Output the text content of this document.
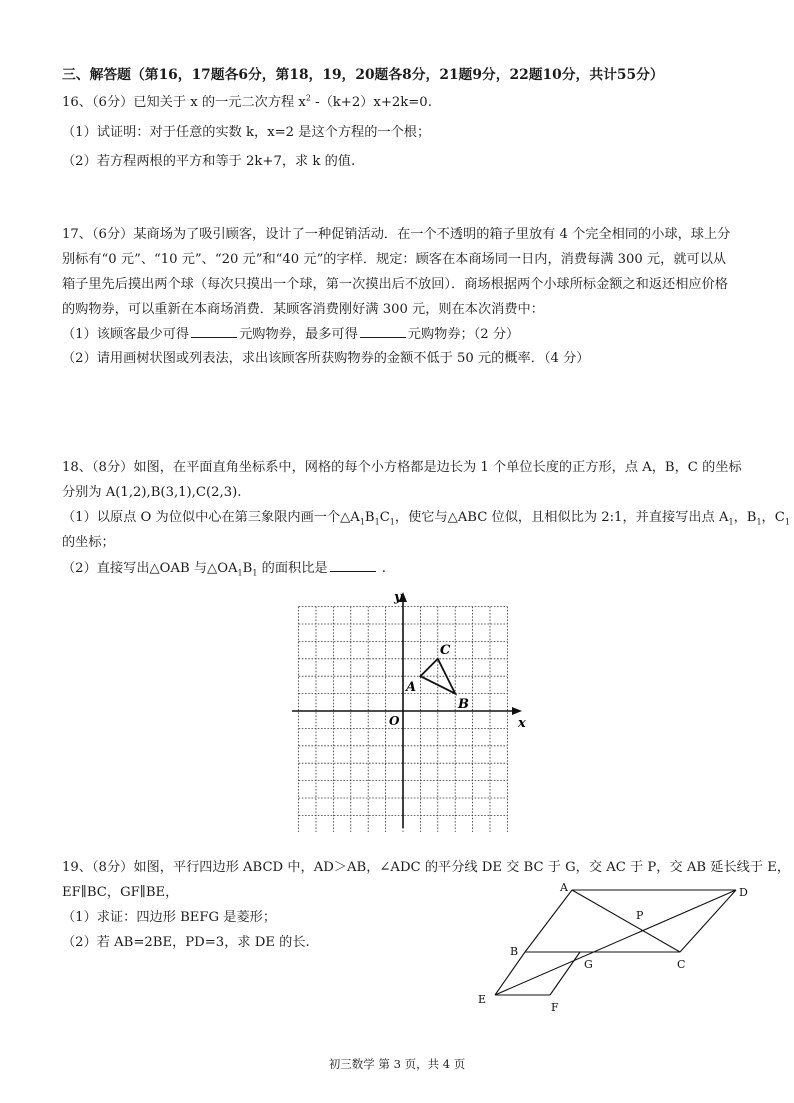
三、解答题（第16，17题各6分，第18，19，20题各8分，21题9分，22题10分，共计55分）
16、（6分）已知关于 x 的一元二次方程 $x^2$ -（k+2）x+2k=0.
（1）试证明：对于任意的实数 k，x=2 是这个方程的一个根；
（2）若方程两根的平方和等于 2k+7，求 k 的值.
17、（6分）某商场为了吸引顾客，设计了一种促销活动．在一个不透明的箱子里放有 4 个完全相同的小球，球上分
别标有“0 元”、“10 元”、“20 元”和“40 元”的字样．规定：顾客在本商场同一日内，消费每满 300 元，就可以从
箱子里先后摸出两个球（每次只摸出一个球，第一次摸出后不放回）．商场根据两个小球所标金额之和返还相应价格
的购物券，可以重新在本商场消费．某顾客消费刚好满 300 元，则在本次消费中：
（1）该顾客最少可得	元购物券，最多可得	元购物券；（2 分）
（2）请用画树状图或列表法，求出该顾客所获购物券的金额不低于 50 元的概率．（4 分）
18、（8分）如图，在平面直角坐标系中，网格的每个小方格都是边长为 1 个单位长度的正方形，点 A，B，C 的坐标
分别为 A(1,2),B(3,1),C(2,3).
（1）以原点 O 为位似中心在第三象限内画一个$\triangle A_1B_1C_1$，使它与△ABC 位似，且相似比为 2:1，并直接写出点 $A_1$，$B_1$，$C_1$
的坐标；
（2）直接写出△OAB 与$\triangle OA_1B_1$ 的面积比是	.
y
x
O
A
B
C
19、（8分）如图，平行四边形 ABCD 中，AD＞AB，∠ADC 的平分线 DE 交 BC 于 G，交 AC 于 P，交 AB 延长线于 E，
EF∥BC，GF∥BE，
（1）求证：四边形 BEFG 是菱形；
（2）若 AB=2BE，PD=3，求 DE 的长.
A	D
P
B
G	C
E
F
初三数学 第 3 页，共 4 页
